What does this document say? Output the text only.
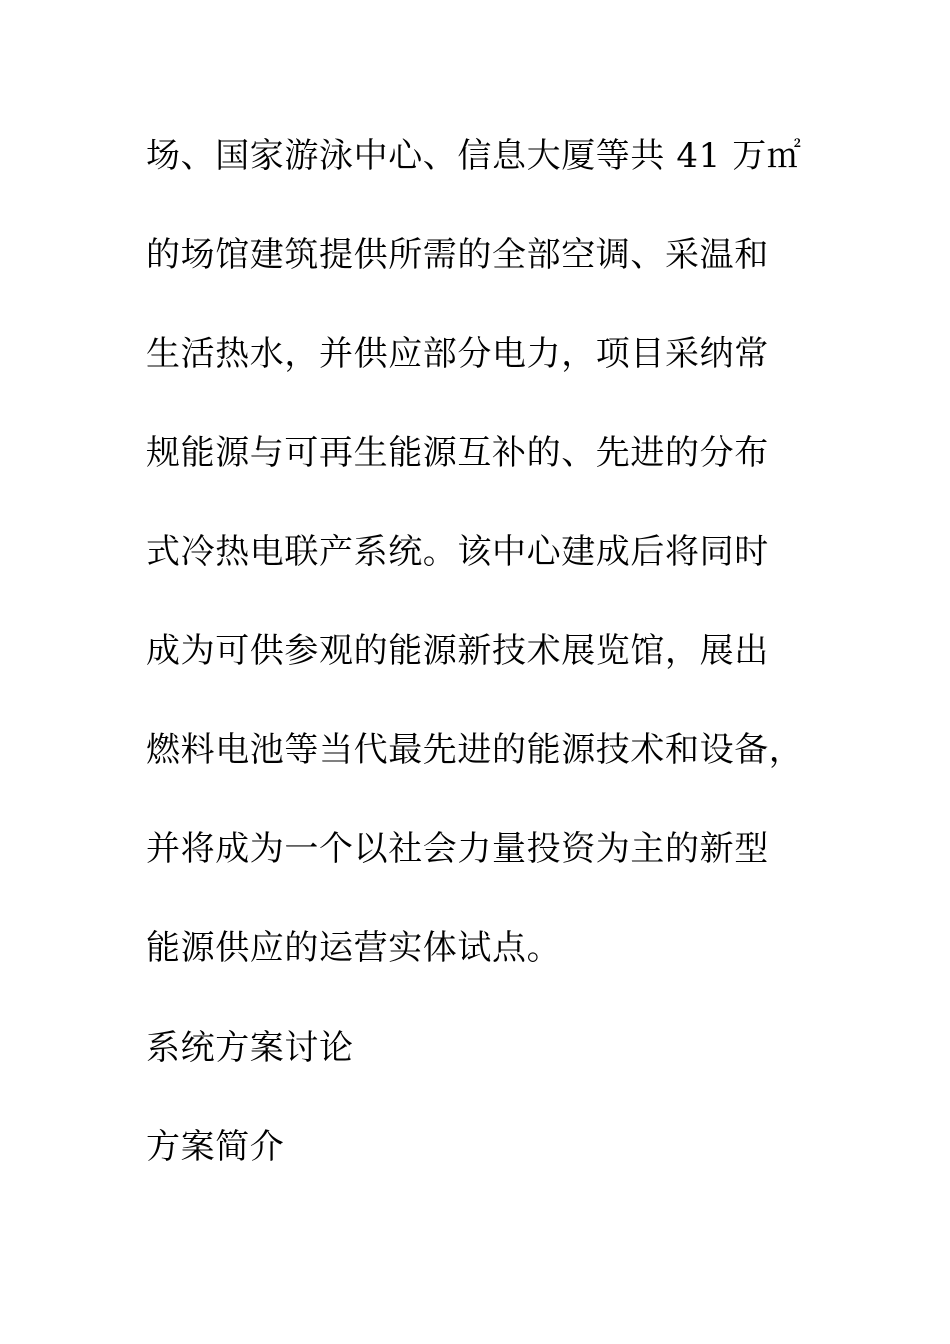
场、国家游泳中心、信息大厦等共 41 万㎡
的场馆建筑提供所需的全部空调、采温和
生活热水，并供应部分电力，项目采纳常
规能源与可再生能源互补的、先进的分布
式冷热电联产系统。该中心建成后将同时
成为可供参观的能源新技术展览馆，展出
燃料电池等当代最先进的能源技术和设备，
并将成为一个以社会力量投资为主的新型
能源供应的运营实体试点。
系统方案讨论
方案简介
